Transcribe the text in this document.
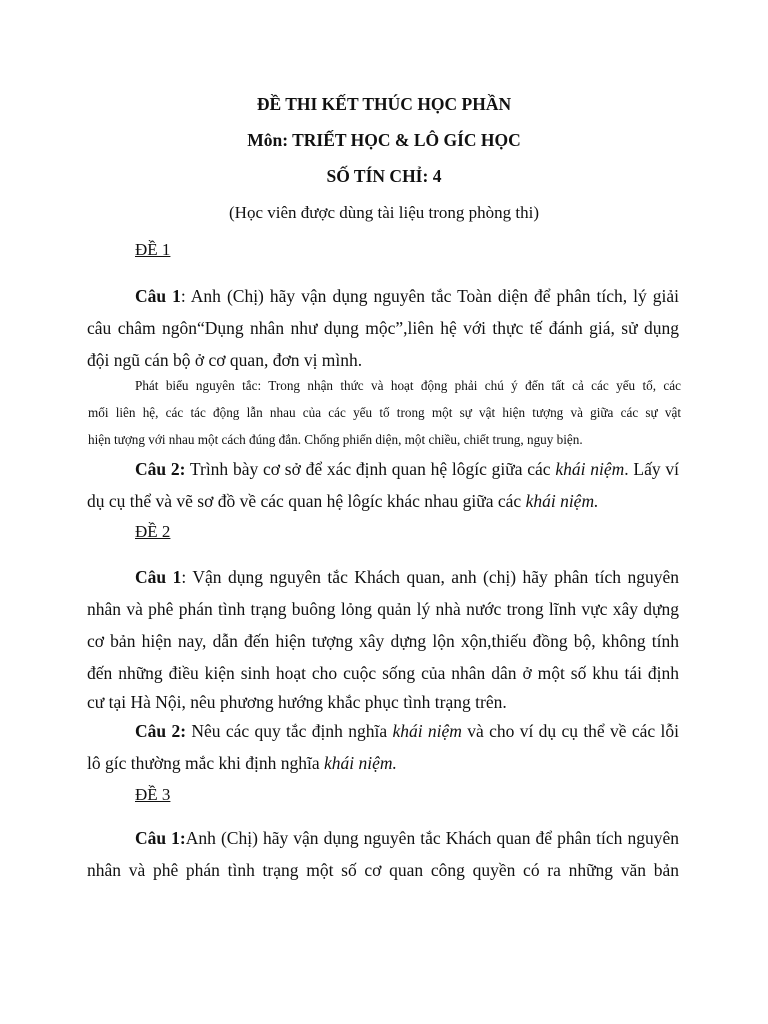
ĐỀ THI KẾT THÚC HỌC PHẦN
Môn: TRIẾT HỌC & LÔ GÍC HỌC
SỐ TÍN CHỈ: 4
(Học viên được dùng tài liệu trong phòng thi)
ĐỀ 1
Câu 1: Anh (Chị) hãy vận dụng nguyên tắc Toàn diện để phân tích, lý giải
câu châm ngôn“Dụng nhân như dụng mộc”,liên hệ với thực tế đánh giá, sử dụng
đội ngũ cán bộ ở cơ quan, đơn vị mình.
Phát biểu nguyên tắc: Trong nhận thức và hoạt động phải chú ý đến tất cả các yếu tố, các
mối liên hệ, các tác động lẫn nhau của các yếu tố trong một sự vật hiện tượng và giữa các sự vật
hiện tượng với nhau một cách đúng đắn. Chống phiến diện, một chiều, chiết trung, nguy biện.
Câu 2: Trình bày cơ sở để xác định quan hệ lôgíc giữa các khái niệm. Lấy ví
dụ cụ thể và vẽ sơ đồ về các quan hệ lôgíc khác nhau giữa các khái niệm.
ĐỀ 2
Câu 1: Vận dụng nguyên tắc Khách quan, anh (chị) hãy phân tích nguyên
nhân và phê phán tình trạng buông lỏng quản lý nhà nước trong lĩnh vực xây dựng
cơ bản hiện nay, dẫn đến hiện tượng xây dựng lộn xộn,thiếu đồng bộ, không tính
đến những điều kiện sinh hoạt cho cuộc sống của nhân dân ở một số khu tái định
cư tại Hà Nội, nêu phương hướng khắc phục tình trạng trên.
Câu 2: Nêu các quy tắc định nghĩa khái niệm và cho ví dụ cụ thể về các lỗi
lô gíc thường mắc khi định nghĩa khái niệm.
ĐỀ 3
Câu 1:Anh (Chị) hãy vận dụng nguyên tắc Khách quan để phân tích nguyên
nhân và phê phán tình trạng một số cơ quan công quyền có ra những văn bản
